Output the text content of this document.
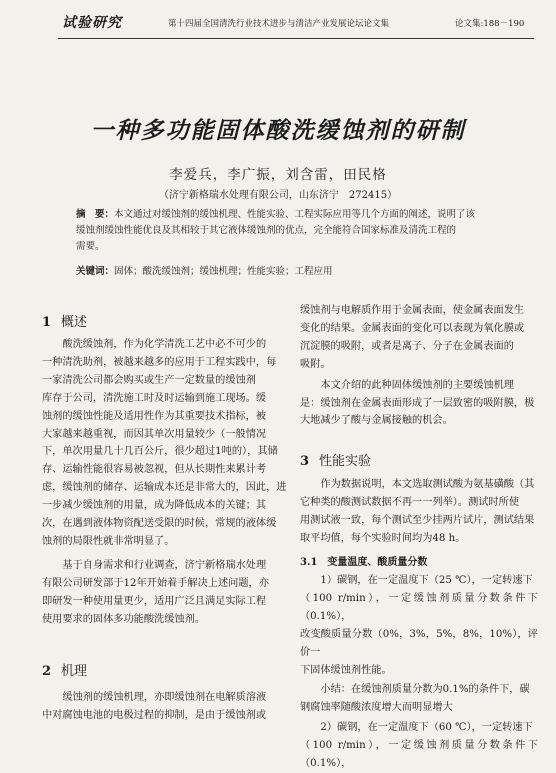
试验研究	第十四届全国清洗行业技术进步与清洁产业发展论坛论文集	论文集:188－190
一种多功能固体酸洗缓蚀剂的研制
李爱兵，李广振，刘含雷，田民格
（济宁新格瑞水处理有限公司，山东济宁　272415）
摘　要：本文通过对缓蚀剂的缓蚀机理、性能实验、工程实际应用等几个方面的阐述，说明了该
缓蚀剂缓蚀性能优良及其相较于其它液体缓蚀剂的优点，完全能符合国家标准及清洗工程的
需要。
关键词：固体；酸洗缓蚀剂；缓蚀机理；性能实验；工程应用
1 概述

酸洗缓蚀剂，作为化学清洗工艺中必不可少的
一种清洗助剂，被越来越多的应用于工程实践中，每
一家清洗公司都会购买或生产一定数量的缓蚀剂
库存于公司，清洗施工时及时运输到施工现场。缓
蚀剂的缓蚀性能及适用性作为其重要技术指标，被
大家越来越重视，而因其单次用量较少（一般情况
下，单次用量几十几百公斤，很少超过1吨的），其储
存、运输性能很容易被忽视，但从长期性来累计考
虑，缓蚀剂的储存、运输成本还是非常大的，因此，进
一步减少缓蚀剂的用量，成为降低成本的关键；其
次，在遇到液体物资配送受限的时候，常规的液体缓
蚀剂的局限性就非常明显了。

基于自身需求和行业调查，济宁新格瑞水处理
有限公司研发部于12年开始着手解决上述问题，亦
即研发一种使用量更少，适用广泛且满足实际工程
使用要求的固体多功能酸洗缓蚀剂。

2 机理

缓蚀剂的缓蚀机理，亦即缓蚀剂在电解质溶液
中对腐蚀电池的电极过程的抑制，是由于缓蚀剂或

缓蚀剂与电解质作用于金属表面，使金属表面发生
变化的结果。金属表面的变化可以表现为氧化膜或
沉淀膜的吸附，或者是离子、分子在金属表面的
吸附。

本文介绍的此种固体缓蚀剂的主要缓蚀机理
是：缓蚀剂在金属表面形成了一层致密的吸附膜，极
大地减少了酸与金属接触的机会。

3 性能实验

作为数据说明，本文选取测试酸为氨基磺酸（其
它种类的酸测试数据不再一一列举）。测试时所使
用测试液一致，每个测试至少挂两片试片，测试结果
取平均值，每个实验时间均为48 h。

3.1 变量温度、酸质量分数

1）碳钢，在一定温度下（25 ℃），一定转速下
（100 r/min），一定缓蚀剂质量分数条件下（0.1%），
改变酸质量分数（0%，3%，5%，8%，10%），评价一
下固体缓蚀剂性能。

小结：在缓蚀剂质量分数为0.1%的条件下，碳
钢腐蚀率随酸浓度增大而明显增大

2）碳钢，在一定温度下（60 ℃），一定转速下
（100 r/min），一定缓蚀剂质量分数条件下（0.1%），
